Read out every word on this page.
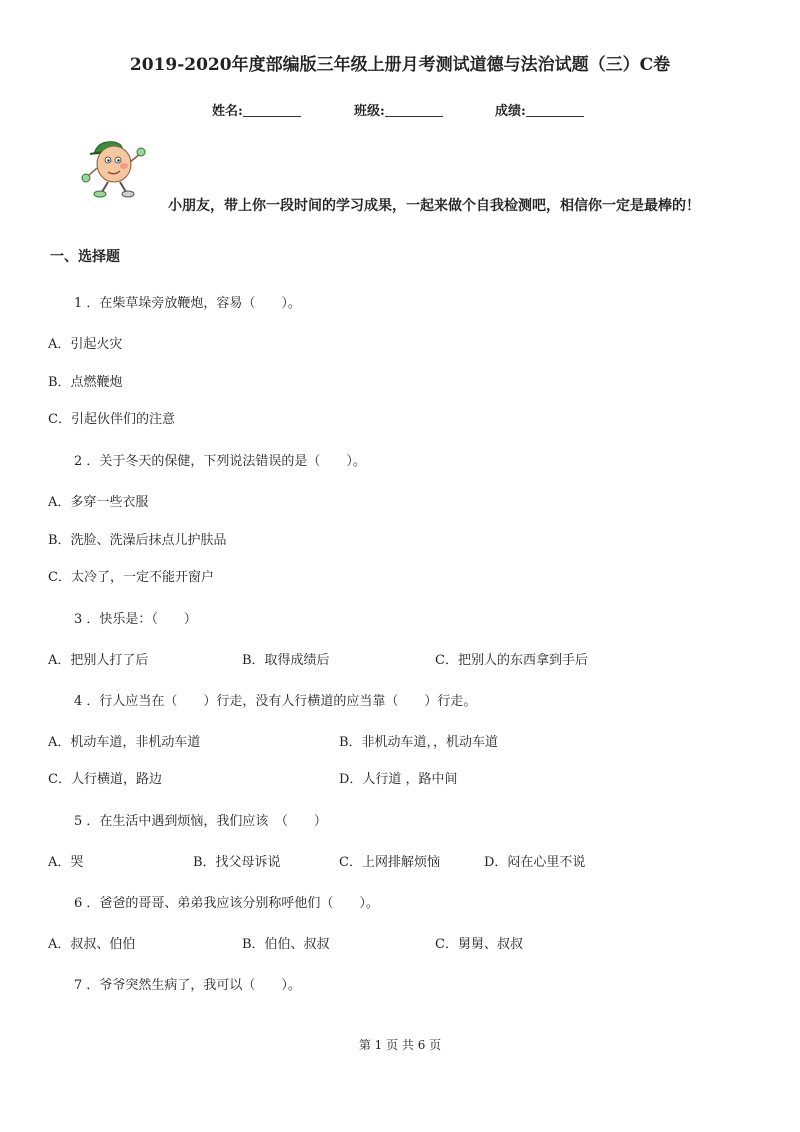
2019-2020年度部编版三年级上册月考测试道德与法治试题（三）C卷
姓名:	班级:	成绩:
小朋友，带上你一段时间的学习成果，一起来做个自我检测吧，相信你一定是最棒的！
一、选择题
1 ．在柴草垛旁放鞭炮，容易（　　）。
A．引起火灾
B．点燃鞭炮
C．引起伙伴们的注意
2 ．关于冬天的保健，下列说法错误的是（　　）。
A．多穿一些衣服
B．洗脸、洗澡后抹点儿护肤品
C．太冷了，一定不能开窗户
3 ．快乐是：（　　）
A．把别人打了后	B．取得成绩后	C．把别人的东西拿到手后
4 ．行人应当在（　　）行走，没有人行横道的应当靠（　　）行走。
A．机动车道，非机动车道	B．非机动车道，，机动车道
C．人行横道，路边	D．人行道 ，路中间
5 ．在生活中遇到烦恼，我们应该　（　　）
A．哭	B．找父母诉说	C．上网排解烦恼	D．闷在心里不说
6 ．爸爸的哥哥、弟弟我应该分别称呼他们（　　）。
A．叔叔、伯伯	B．伯伯、叔叔	C．舅舅、叔叔
7 ．爷爷突然生病了，我可以（　　）。
第 1 页 共 6 页
